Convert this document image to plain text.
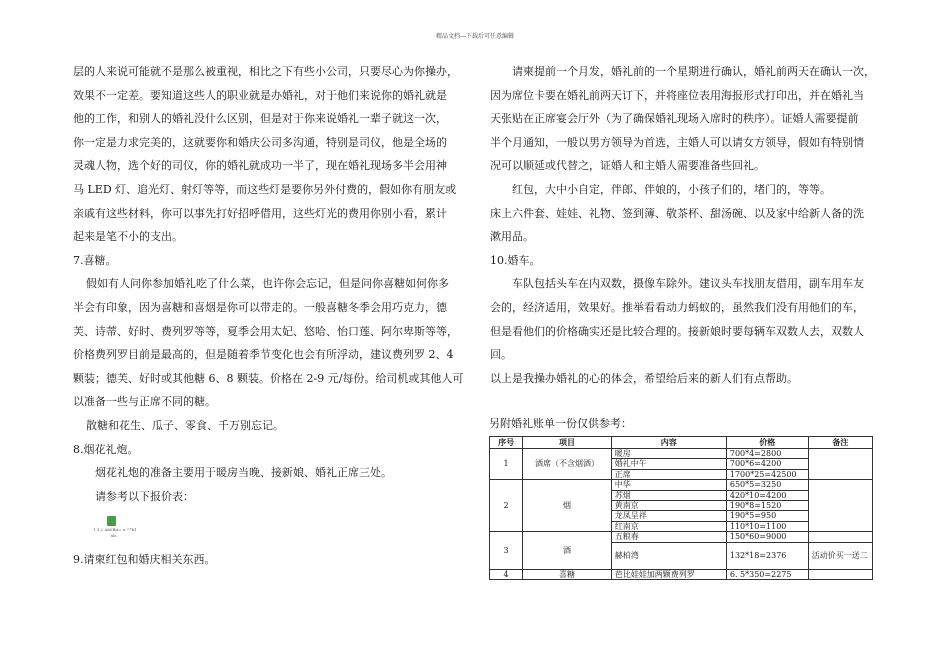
精品文档---下载后可任意编辑

层的人来说可能就不是那么被重视，相比之下有些小公司，只要尽心为你操办，
效果不一定差。要知道这些人的职业就是办婚礼，对于他们来说你的婚礼就是
他的工作，和别人的婚礼没什么区别，但是对于你来说婚礼一辈子就这一次，
你一定是力求完美的，这就要你和婚庆公司多沟通，特别是司仪，他是全场的
灵魂人物，选个好的司仪，你的婚礼就成功一半了，现在婚礼现场多半会用神
马 LED 灯、追光灯、射灯等等，而这些灯是要你另外付费的，假如你有朋友或
亲戚有这些材料，你可以事先打好招呼借用，这些灯光的费用你别小看，累计
起来是笔不小的支出。

7.喜糖。

假如有人问你参加婚礼吃了什么菜，也许你会忘记，但是问你喜糖如何你多
半会有印象，因为喜糖和喜烟是你可以带走的。一般喜糖冬季会用巧克力，德
芙、诗蒂、好时、费列罗等等，夏季会用太妃、悠哈、怡口莲、阿尔卑斯等等，
价格费列罗目前是最高的，但是随着季节变化也会有所浮动，建议费列罗 2、4
颗装；德芙、好时或其他糖 6、8 颗装。价格在 2-9 元/每份。给司机或其他人可
以准备一些与正席不同的糖。

散糖和花生、瓜子、零食、千万别忘记。

8.烟花礼炮。

烟花礼炮的准备主要用于暖房当晚、接新娘、婚礼正席三处。

请参考以下报价表：

1.1.2 Ab0Bit= x ^*b1
xls

9.请柬红包和婚庆相关东西。

请柬提前一个月发，婚礼前的一个星期进行确认，婚礼前两天在确认一次，
因为席位卡要在婚礼前两天订下，并将座位表用海报形式打印出，并在婚礼当
天张贴在正席宴会厅外（为了确保婚礼现场入席时的秩序）。证婚人需要提前
半个月通知，一般以男方领导为首选，主婚人可以请女方领导，假如有特别情
况可以顺延或代替之，证婚人和主婚人需要准备些回礼。

红包，大中小自定，伴郎、伴娘的，小孩子们的，堵门的，等等。

床上六件套、娃娃、礼物、签到簿、敬茶杯、甜汤碗、以及家中给新人备的洗
漱用品。

10.婚车。

车队包括头车在内双数，摄像车除外。建议头车找朋友借用，副车用车友
会的，经济适用，效果好。推举看看动力蚂蚁的，虽然我们没有用他们的车，
但是看他们的价格确实还是比较合理的。接新娘时要每辆车双数人去，双数人
回。

以上是我操办婚礼的心的体会，希望给后来的新人们有点帮助。

另附婚礼账单一份仅供参考：
序号	项目	内容	价格	备注
1	酒席（不含烟酒）	暖房	700*4=2800	
		婚礼中午	700*6=4200	
		正席	1700*25=42500	
2	烟	中华	650*5=3250	
		苏烟	420*10=4200	
		黄南京	190*8=1520	
		龙凤呈祥	190*5=950	
		红南京	110*10=1100	
3	酒	五粮春	150*60=9000	
		赫柏湾	132*18=2376	活动价买一送二
4	喜糖	芭比娃娃加两颗费列罗	6. 5*350=2275	
